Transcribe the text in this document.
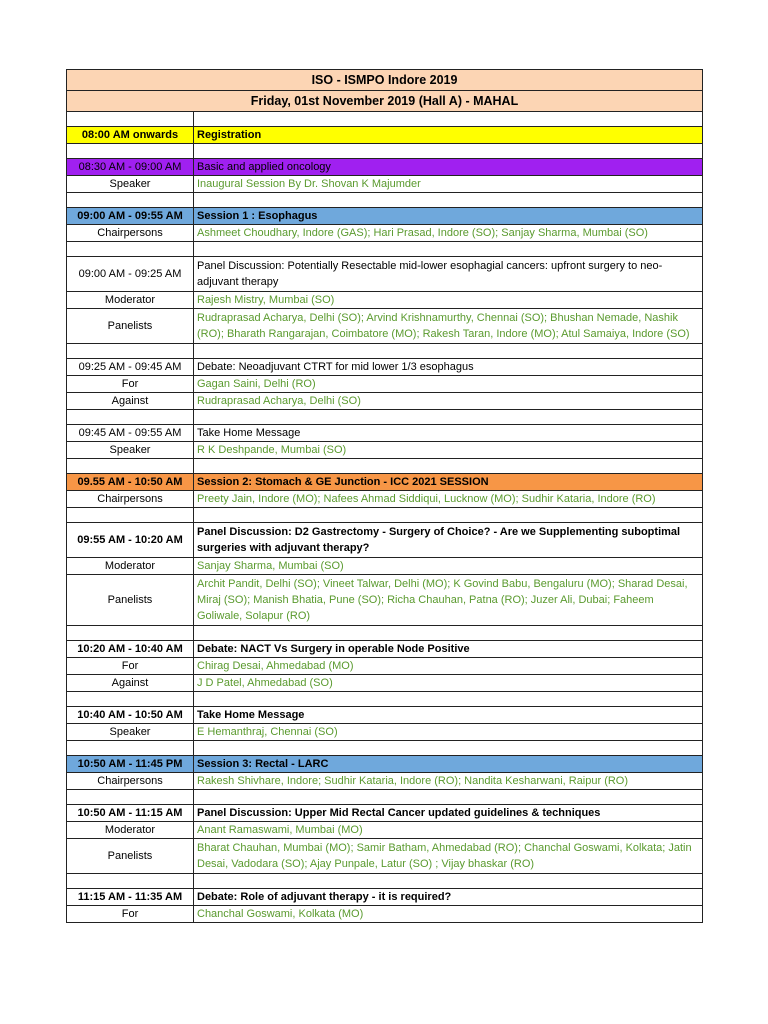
ISO - ISMPO Indore 2019	
Friday, 01st November 2019 (Hall A) - MAHAL	

08:00 AM onwards	Registration

08:30 AM - 09:00 AM	Basic and applied oncology
Speaker	Inaugural Session By Dr. Shovan K Majumder

09:00 AM - 09:55 AM	Session 1 : Esophagus
Chairpersons	Ashmeet Choudhary, Indore (GAS); Hari Prasad, Indore (SO); Sanjay Sharma, Mumbai (SO)

09:00 AM - 09:25 AM	Panel Discussion: Potentially Resectable mid-lower esophagial cancers: upfront surgery to neo-adjuvant therapy
Moderator	Rajesh Mistry, Mumbai (SO)
Panelists	Rudraprasad Acharya, Delhi (SO); Arvind Krishnamurthy, Chennai (SO); Bhushan Nemade, Nashik (RO); Bharath Rangarajan, Coimbatore (MO); Rakesh Taran, Indore (MO); Atul Samaiya, Indore (SO)

09:25 AM - 09:45 AM	Debate: Neoadjuvant CTRT for mid lower 1/3 esophagus
For	Gagan Saini, Delhi (RO)
Against	Rudraprasad Acharya, Delhi (SO)

09:45 AM - 09:55 AM	Take Home Message
Speaker	R K Deshpande, Mumbai (SO)

09.55 AM - 10:50 AM	Session 2: Stomach & GE Junction - ICC 2021 SESSION
Chairpersons	Preety Jain, Indore (MO); Nafees Ahmad Siddiqui, Lucknow (MO); Sudhir Kataria, Indore (RO)

09:55 AM - 10:20 AM	Panel Discussion: D2 Gastrectomy - Surgery of Choice? - Are we Supplementing suboptimal surgeries with adjuvant therapy?
Moderator	Sanjay Sharma, Mumbai (SO)
Panelists	Archit Pandit, Delhi (SO); Vineet Talwar, Delhi (MO); K Govind Babu, Bengaluru (MO); Sharad Desai, Miraj (SO); Manish Bhatia, Pune (SO); Richa Chauhan, Patna (RO); Juzer Ali, Dubai; Faheem Goliwale, Solapur (RO)

10:20 AM - 10:40 AM	Debate: NACT Vs Surgery in operable Node Positive
For	Chirag Desai, Ahmedabad (MO)
Against	J D Patel, Ahmedabad (SO)

10:40 AM - 10:50 AM	Take Home Message
Speaker	E Hemanthraj, Chennai (SO)

10:50 AM - 11:45 PM	Session 3: Rectal - LARC
Chairpersons	Rakesh Shivhare, Indore; Sudhir Kataria, Indore (RO); Nandita Kesharwani, Raipur (RO)

10:50 AM - 11:15 AM	Panel Discussion: Upper Mid Rectal Cancer updated guidelines & techniques
Moderator	Anant Ramaswami, Mumbai (MO)
Panelists	Bharat Chauhan, Mumbai (MO); Samir Batham, Ahmedabad (RO); Chanchal Goswami, Kolkata; Jatin Desai, Vadodara (SO); Ajay Punpale, Latur (SO) ; Vijay bhaskar (RO)

11:15 AM - 11:35 AM	Debate: Role of adjuvant therapy - it is required?
For	Chanchal Goswami, Kolkata (MO)
